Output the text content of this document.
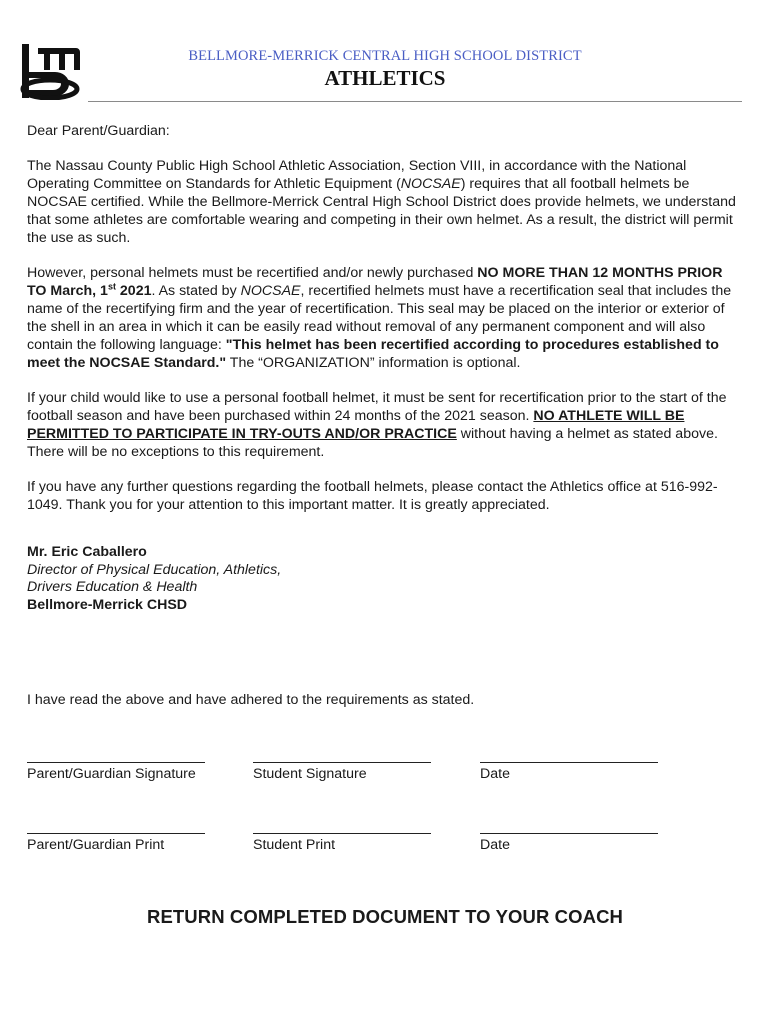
BELLMORE-MERRICK CENTRAL HIGH SCHOOL DISTRICT
ATHLETICS

Dear Parent/Guardian:

The Nassau County Public High School Athletic Association, Section VIII, in accordance with the National Operating Committee on Standards for Athletic Equipment (NOCSAE) requires that all football helmets be NOCSAE certified. While the Bellmore-Merrick Central High School District does provide helmets, we understand that some athletes are comfortable wearing and competing in their own helmet. As a result, the district will permit the use as such.

However, personal helmets must be recertified and/or newly purchased NO MORE THAN 12 MONTHS PRIOR TO March, 1st 2021. As stated by NOCSAE, recertified helmets must have a recertification seal that includes the name of the recertifying firm and the year of recertification. This seal may be placed on the interior or exterior of the shell in an area in which it can be easily read without removal of any permanent component and will also contain the following language: "This helmet has been recertified according to procedures established to meet the NOCSAE Standard." The “ORGANIZATION” information is optional.

If your child would like to use a personal football helmet, it must be sent for recertification prior to the start of the football season and have been purchased within 24 months of the 2021 season. NO ATHLETE WILL BE PERMITTED TO PARTICIPATE IN TRY-OUTS AND/OR PRACTICE without having a helmet as stated above. There will be no exceptions to this requirement.

If you have any further questions regarding the football helmets, please contact the Athletics office at 516-992-1049. Thank you for your attention to this important matter. It is greatly appreciated.

Mr. Eric Caballero
Director of Physical Education, Athletics,
Drivers Education & Health
Bellmore-Merrick CHSD
I have read the above and have adhered to the requirements as stated.
Parent/Guardian Signature	Student Signature	Date
Parent/Guardian Print	Student Print	Date
RETURN COMPLETED DOCUMENT TO YOUR COACH
